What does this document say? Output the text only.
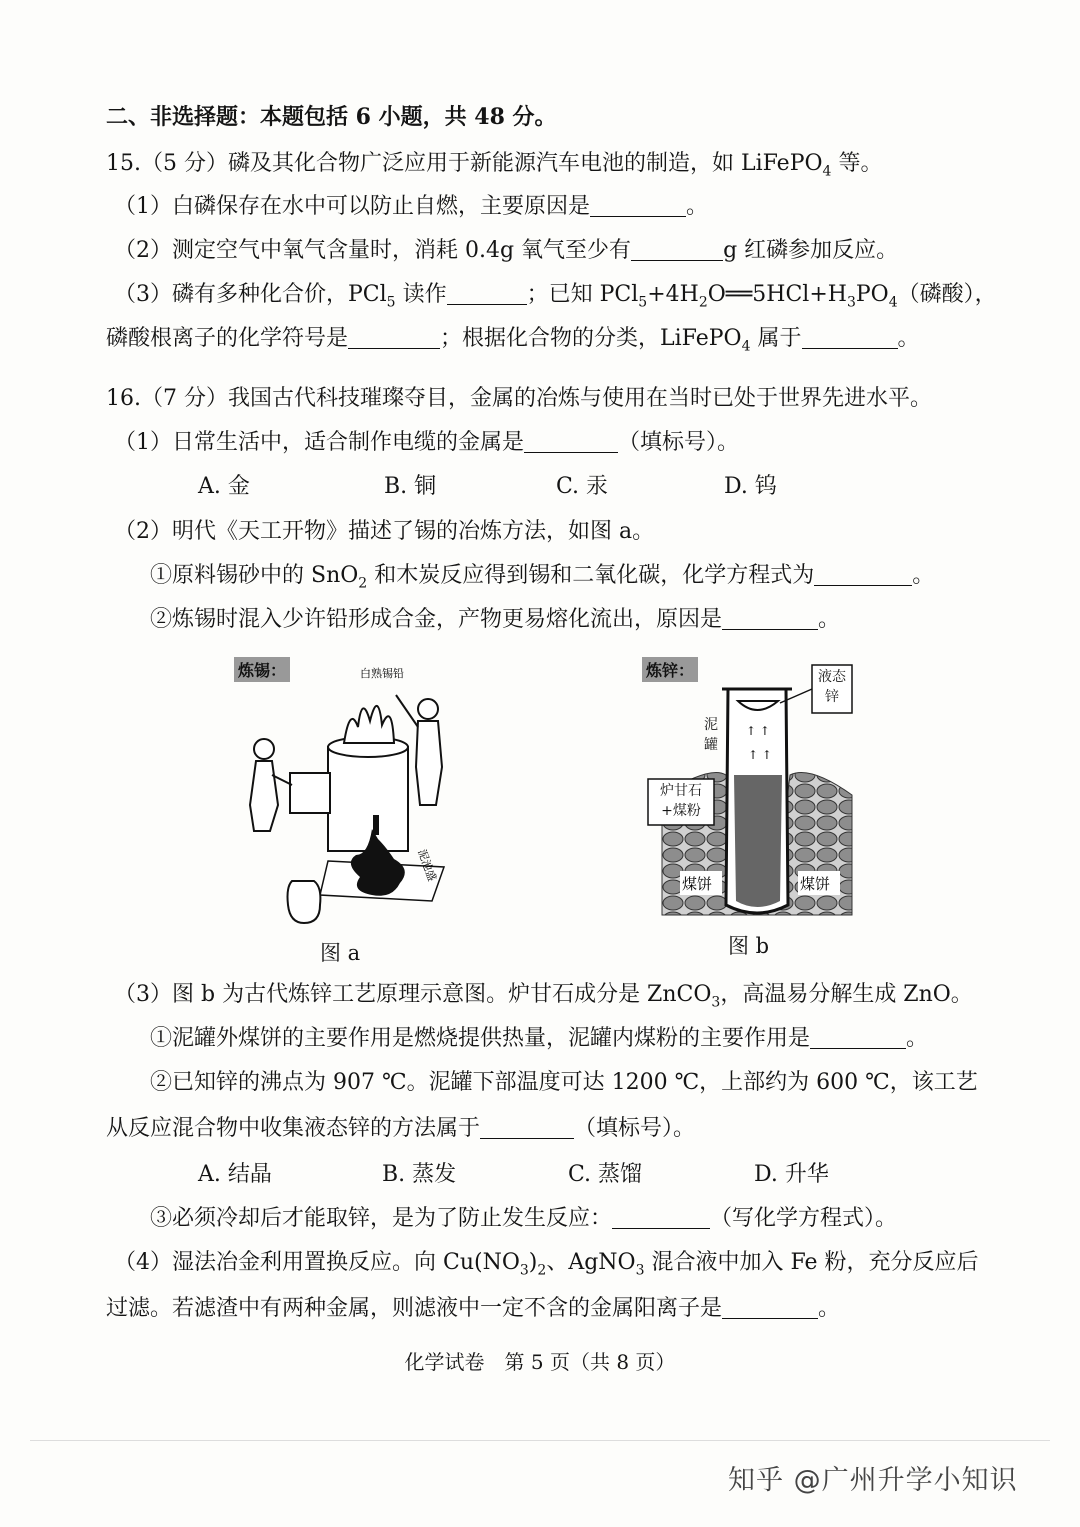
二、非选择题：本题包括 6 小题，共 48 分。
15.（5 分）磷及其化合物广泛应用于新能源汽车电池的制造，如 LiFePO$_4$ 等。
（1）白磷保存在水中可以防止自燃，主要原因是	。
（2）测定空气中氧气含量时，消耗 0.4g 氧气至少有	g 红磷参加反应。
（3）磷有多种化合价，PCl$_5$ 读作	；已知 $PCl_5+4H_2O══5HCl+H_3PO_4$（磷酸），
磷酸根离子的化学符号是	；根据化合物的分类，LiFePO$_4$ 属于	。
16.（7 分）我国古代科技璀璨夺目，金属的冶炼与使用在当时已处于世界先进水平。
（1）日常生活中，适合制作电缆的金属是	（填标号）。
A. 金	B. 铜	C. 汞	D. 钨
（2）明代《天工开物》描述了锡的冶炼方法，如图 a。
①原料锡砂中的 SnO$_2$ 和木炭反应得到锡和二氧化碳，化学方程式为	。
②炼锡时混入少许铅形成合金，产物更易熔化流出，原因是	。
炼锡：	白熟锡铅
泥池盛
图 a
炼锌：
↑ ↑
↑ ↑
液态锌
泥罐
炉甘石+煤粉
煤饼	煤饼
图 b
（3）图 b 为古代炼锌工艺原理示意图。炉甘石成分是 ZnCO$_3$，高温易分解生成 ZnO。
①泥罐外煤饼的主要作用是燃烧提供热量，泥罐内煤粉的主要作用是	。
②已知锌的沸点为 907 ℃。泥罐下部温度可达 1200 ℃，上部约为 600 ℃，该工艺
从反应混合物中收集液态锌的方法属于	（填标号）。
A. 结晶	B. 蒸发	C. 蒸馏	D. 升华
③必须冷却后才能取锌，是为了防止发生反应：	（写化学方程式）。
（4）湿法冶金利用置换反应。向 $Cu(NO_3)_2$、AgNO$_3$ 混合液中加入 Fe 粉，充分反应后
过滤。若滤渣中有两种金属，则滤液中一定不含的金属阳离子是	。
化学试卷　第 5 页（共 8 页）
知乎 @广州升学小知识
